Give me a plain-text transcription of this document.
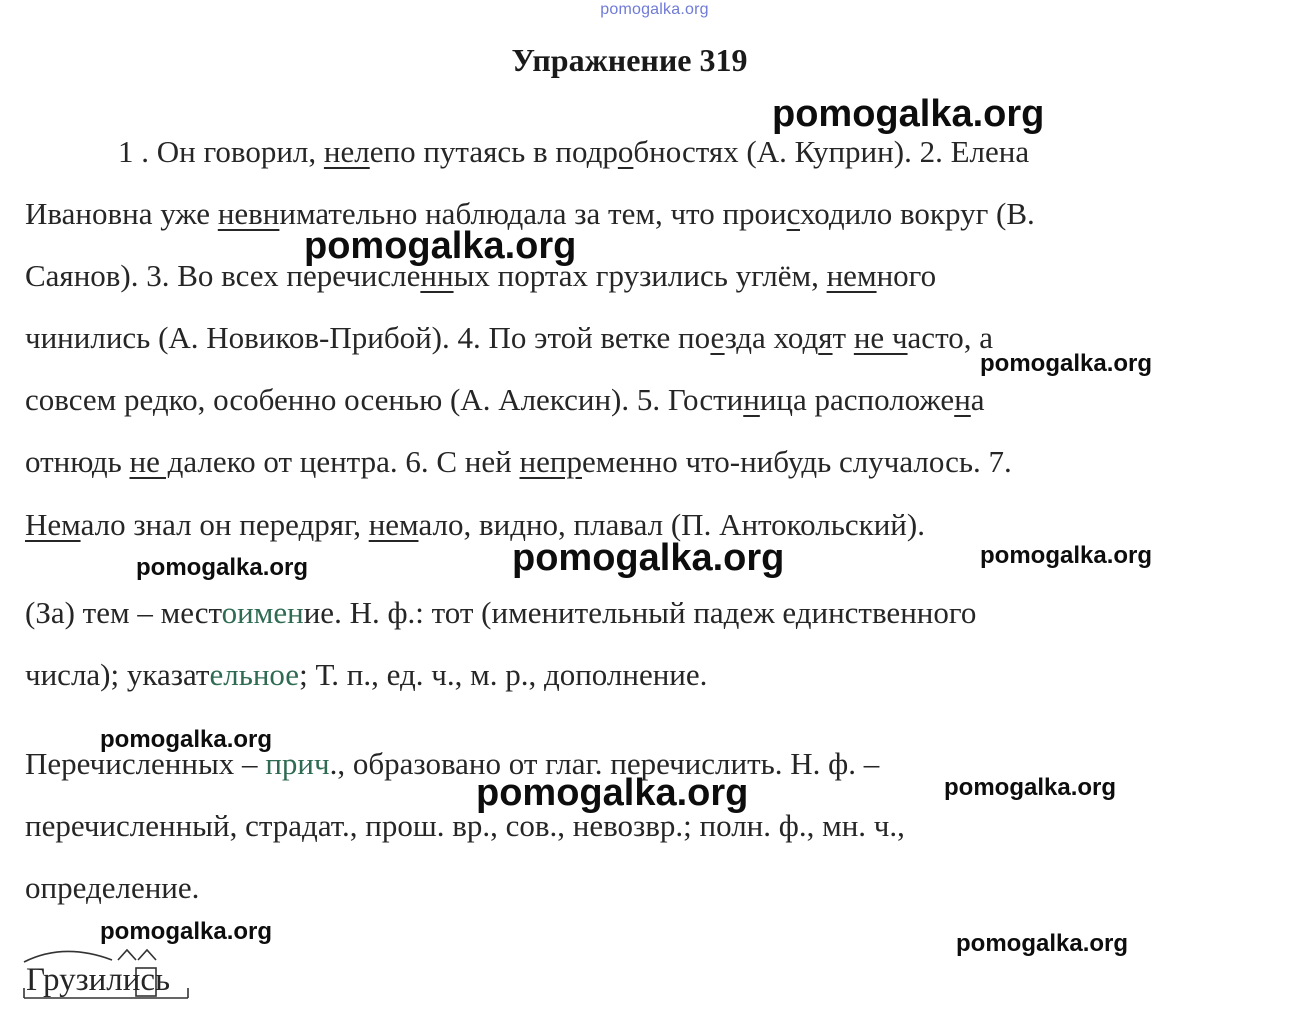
pomogalka.org
Упражнение 319
1 . Он говорил, нелепо путаясь в подробностях (А. Куприн). 2. Елена
Ивановна уже невнимательно наблюдала за тем, что происходило вокруг (В.
Саянов). 3. Во всех перечисленных портах грузились углём, немного
чинились (А. Новиков-Прибой). 4. По этой ветке поезда ходят не часто, а
совсем редко, особенно осенью (А. Алексин). 5. Гостиница расположена
отнюдь не далеко от центра. 6. С ней непременно что-нибудь случалось. 7.
Немало знал он передряг, немало, видно, плавал (П. Антокольский).
(За) тем – местоимение. Н. ф.: тот (именительный падеж единственного
числа); указательное; Т. п., ед. ч., м. р., дополнение.
Перечисленных – прич., образовано от глаг. перечислить. Н. ф. –
перечисленный, страдат., прош. вр., сов., невозвр.; полн. ф., мн. ч.,
определение.
Грузились
pomogalka.org
pomogalka.org
pomogalka.org
pomogalka.org
pomogalka.org
pomogalka.org
pomogalka.org
pomogalka.org
pomogalka.org
pomogalka.org	pomogalka.org
